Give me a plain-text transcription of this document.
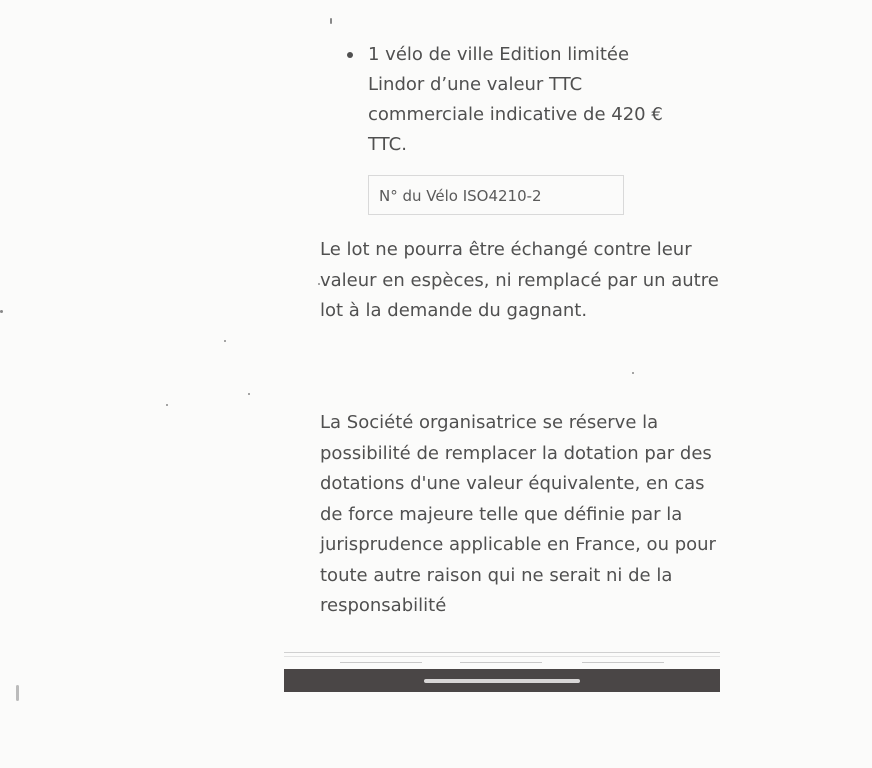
1 vélo de ville Edition limitée Lindor d’une valeur TTC commerciale indicative de 420 € TTC.
N° du Vélo ISO4210-2

Le lot ne pourra être échangé contre leur valeur en espèces, ni remplacé par un autre lot à la demande du gagnant.

La Société organisatrice se réserve la possibilité de remplacer la dotation par des dotations d'une valeur équivalente, en cas de force majeure telle que définie par la jurisprudence applicable en France, ou pour toute autre raison qui ne serait ni de la responsabilité
